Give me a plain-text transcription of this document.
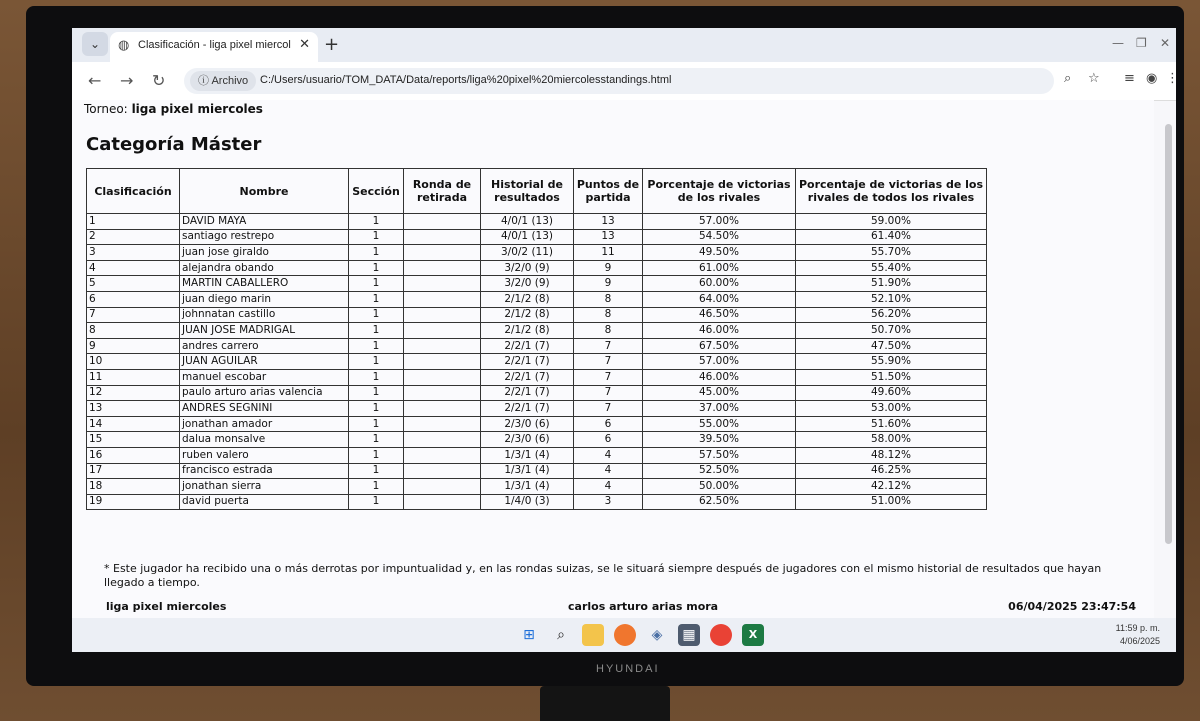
⌄	◍ Clasificación - liga pixel miercol ✕ +	— ❐ ✕
← → ↻	ⓘ Archivo	C:/Users/usuario/TOM_DATA/Data/reports/liga%20pixel%20miercolesstandings.html	⌕ ☆ ≡ ◉ ⋮
Torneo: liga pixel miercoles
Categoría Máster
Clasificación	Nombre	Sección	Ronda de retirada	Historial de resultados	Puntos de partida	Porcentaje de victorias de los rivales	Porcentaje de victorias de los rivales de todos los rivales
1	DAVID MAYA	1		4/0/1 (13)	13	57.00%	59.00%
2	santiago restrepo	1		4/0/1 (13)	13	54.50%	61.40%
3	juan jose giraldo	1		3/0/2 (11)	11	49.50%	55.70%
4	alejandra obando	1		3/2/0 (9)	9	61.00%	55.40%
5	MARTIN CABALLERO	1		3/2/0 (9)	9	60.00%	51.90%
6	juan diego marin	1		2/1/2 (8)	8	64.00%	52.10%
7	johnnatan castillo	1		2/1/2 (8)	8	46.50%	56.20%
8	JUAN JOSE MADRIGAL	1		2/1/2 (8)	8	46.00%	50.70%
9	andres carrero	1		2/2/1 (7)	7	67.50%	47.50%
10	JUAN AGUILAR	1		2/2/1 (7)	7	57.00%	55.90%
11	manuel escobar	1		2/2/1 (7)	7	46.00%	51.50%
12	paulo arturo arias valencia	1		2/2/1 (7)	7	45.00%	49.60%
13	ANDRES SEGNINI	1		2/2/1 (7)	7	37.00%	53.00%
14	jonathan amador	1		2/3/0 (6)	6	55.00%	51.60%
15	dalua monsalve	1		2/3/0 (6)	6	39.50%	58.00%
16	ruben valero	1		1/3/1 (4)	4	57.50%	48.12%
17	francisco estrada	1		1/3/1 (4)	4	52.50%	46.25%
18	jonathan sierra	1		1/3/1 (4)	4	50.00%	42.12%
19	david puerta	1		1/4/0 (3)	3	62.50%	51.00%
* Este jugador ha recibido una o más derrotas por impuntualidad y, en las rondas suizas, se le situará siempre después de jugadores con el mismo historial de resultados que hayan llegado a tiempo.
liga pixel miercoles	carlos arturo arias mora	06/04/2025 23:47:54
⊞	⌕	◈	▦	X	11:59 p. m.
4/06/2025
HYUNDAI
